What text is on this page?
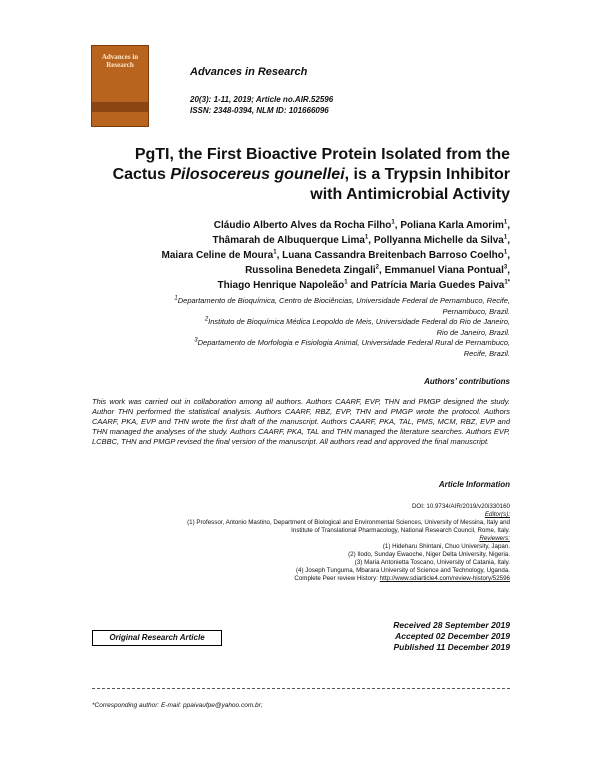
Advances in
Research
Advances in Research
20(3): 1-11, 2019; Article no.AIR.52596
ISSN: 2348-0394, NLM ID: 101666096
PgTI, the First Bioactive Protein Isolated from the
Cactus Pilosocereus gounellei, is a Trypsin Inhibitor
with Antimicrobial Activity
Cláudio Alberto Alves da Rocha Filho$^1$, Poliana Karla Amorim$^1$,
Thâmarah de Albuquerque Lima$^1$, Pollyanna Michelle da Silva$^1$,
Maiara Celine de Moura$^1$, Luana Cassandra Breitenbach Barroso Coelho$^1$,
Russolina Benedeta Zingali$^2$, Emmanuel Viana Pontual$^3$,
Thiago Henrique Napoleão$^1$ and Patrícia Maria Guedes Paiva$^{1*}$
$^1$Departamento de Bioquímica, Centro de Biociências, Universidade Federal de Pernambuco, Recife,
Pernambuco, Brazil.
$^2$Instituto de Bioquímica Médica Leopoldo de Meis, Universidade Federal do Rio de Janeiro,
Rio de Janeiro, Brazil.
$^3$Departamento de Morfologia e Fisiologia Animal, Universidade Federal Rural de Pernambuco,
Recife, Brazil.
Authors’ contributions
This work was carried out in collaboration among all authors. Authors CAARF, EVP, THN and PMGP designed the study. Author THN performed the statistical analysis. Authors CAARF, RBZ, EVP, THN and PMGP wrote the protocol. Authors CAARF, PKA, EVP and THN wrote the first draft of the manuscript. Authors CAARF, PKA, TAL, PMS, MCM, RBZ, EVP and THN managed the analyses of the study. Authors CAARF, PKA, TAL and THN managed the literature searches. Authors EVP, LCBBC, THN and PMGP revised the final version of the manuscript. All authors read and approved the final manuscript.
Article Information
DOI: 10.9734/AIR/2019/v20i330160
Editor(s):
(1) Professor, Antonio Mastino, Department of Biological and Environmental Sciences, University of Messina, Italy and
Institute of Translational Pharmacology, National Research Council, Rome, Italy.
Reviewers:
(1) Hideharu Shintani, Chuo University, Japan.
(2) Ilodo, Sunday Ewaoche, Niger Delta University, Nigeria.
(3) Maria Antonietta Toscano, University of Catania, Italy.
(4) Joseph Tunguma, Mbarara University of Science and Technology, Uganda.
Complete Peer review History: http://www.sdiarticle4.com/review-history/52596
Original Research Article
Received 28 September 2019
Accepted 02 December 2019
Published 11 December 2019
*Corresponding author: E-mail: ppaivaufpe@yahoo.com.br;
